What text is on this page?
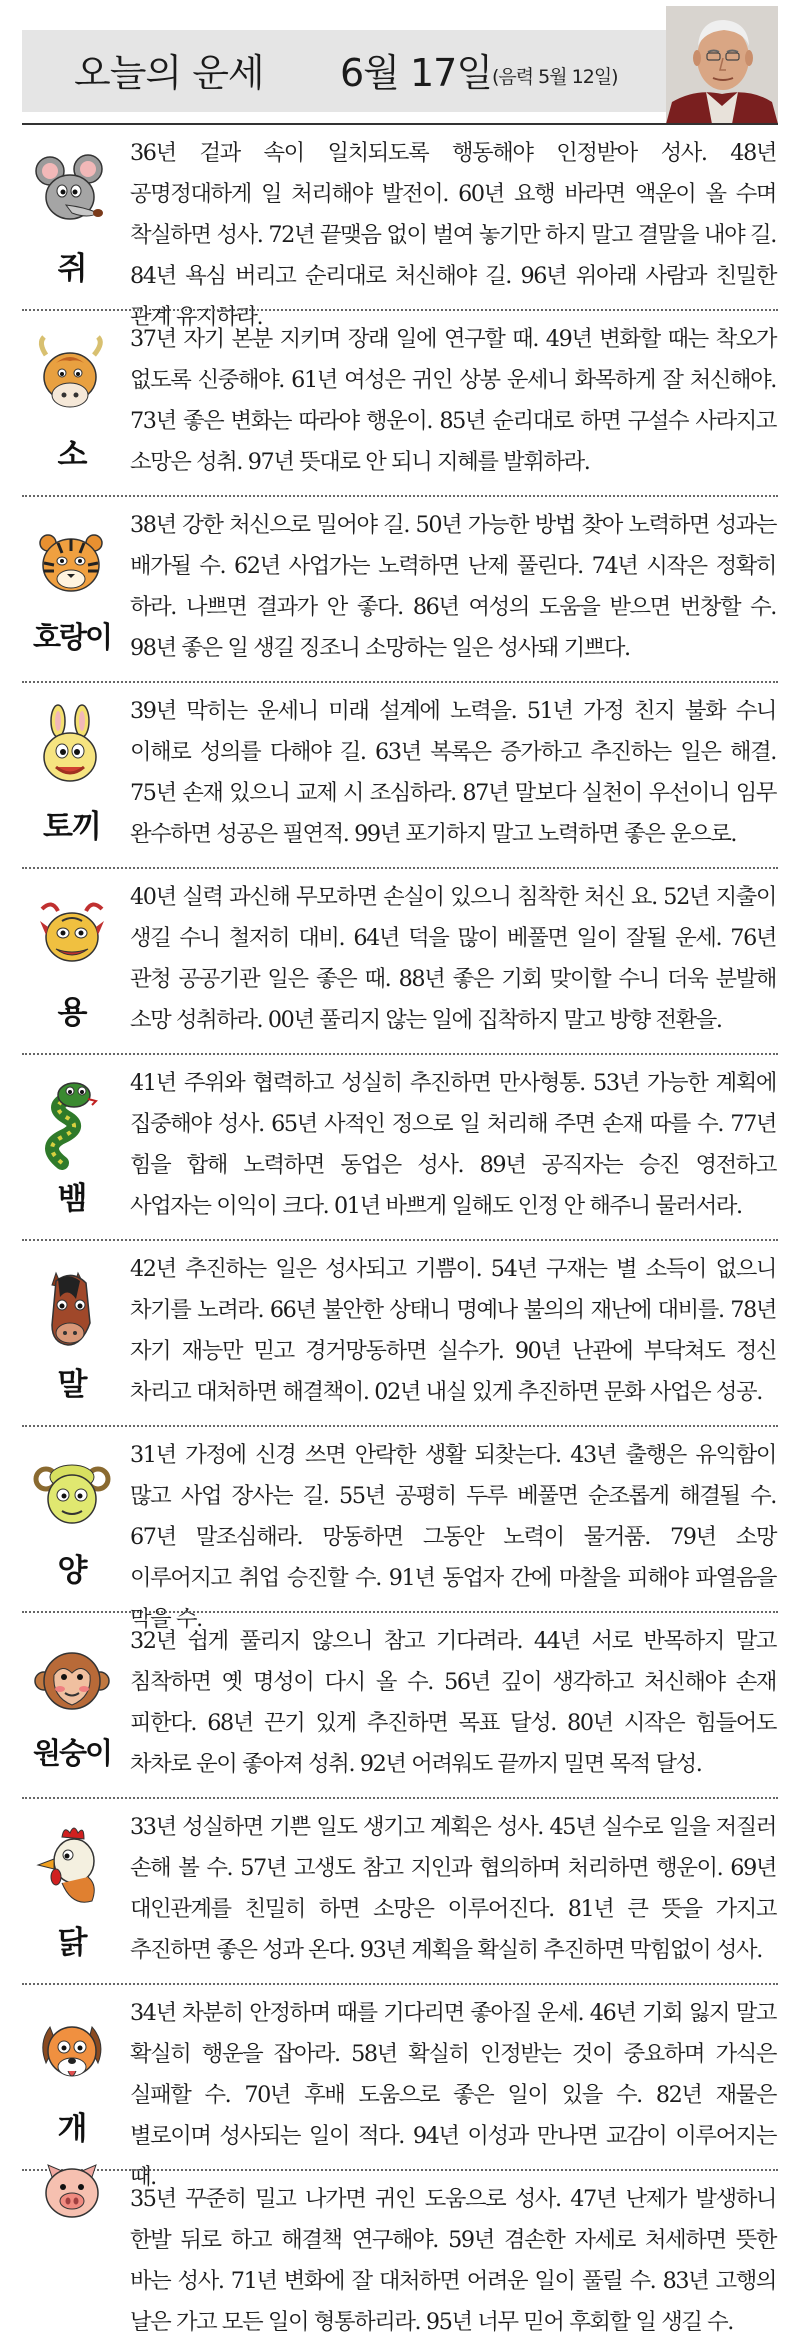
오늘의 운세 6월 17일 (음력 5월 12일)
쥐
36년 겉과 속이 일치되도록 행동해야 인정받아 성사. 48년 공명정대하게 일 처리해야 발전이. 60년 요행 바라면 액운이 올 수며 착실하면 성사. 72년 끝맺음 없이 벌여 놓기만 하지 말고 결말을 내야 길. 84년 욕심 버리고 순리대로 처신해야 길. 96년 위아래 사람과 친밀한 관계 유지하라.
소
37년 자기 본분 지키며 장래 일에 연구할 때. 49년 변화할 때는 착오가 없도록 신중해야. 61년 여성은 귀인 상봉 운세니 화목하게 잘 처신해야. 73년 좋은 변화는 따라야 행운이. 85년 순리대로 하면 구설수 사라지고 소망은 성취. 97년 뜻대로 안 되니 지혜를 발휘하라.
호랑이
38년 강한 처신으로 밀어야 길. 50년 가능한 방법 찾아 노력하면 성과는 배가될 수. 62년 사업가는 노력하면 난제 풀린다. 74년 시작은 정확히 하라. 나쁘면 결과가 안 좋다. 86년 여성의 도움을 받으면 번창할 수. 98년 좋은 일 생길 징조니 소망하는 일은 성사돼 기쁘다.
토끼
39년 막히는 운세니 미래 설계에 노력을. 51년 가정 친지 불화 수니 이해로 성의를 다해야 길. 63년 복록은 증가하고 추진하는 일은 해결. 75년 손재 있으니 교제 시 조심하라. 87년 말보다 실천이 우선이니 임무 완수하면 성공은 필연적. 99년 포기하지 말고 노력하면 좋은 운으로.
용
40년 실력 과신해 무모하면 손실이 있으니 침착한 처신 요. 52년 지출이 생길 수니 철저히 대비. 64년 덕을 많이 베풀면 일이 잘될 운세. 76년 관청 공공기관 일은 좋은 때. 88년 좋은 기회 맞이할 수니 더욱 분발해 소망 성취하라. 00년 풀리지 않는 일에 집착하지 말고 방향 전환을.
뱀
41년 주위와 협력하고 성실히 추진하면 만사형통. 53년 가능한 계획에 집중해야 성사. 65년 사적인 정으로 일 처리해 주면 손재 따를 수. 77년 힘을 합해 노력하면 동업은 성사. 89년 공직자는 승진 영전하고 사업자는 이익이 크다. 01년 바쁘게 일해도 인정 안 해주니 물러서라.
말
42년 추진하는 일은 성사되고 기쁨이. 54년 구재는 별 소득이 없으니 차기를 노려라. 66년 불안한 상태니 명예나 불의의 재난에 대비를. 78년 자기 재능만 믿고 경거망동하면 실수가. 90년 난관에 부닥쳐도 정신 차리고 대처하면 해결책이. 02년 내실 있게 추진하면 문화 사업은 성공.
양
31년 가정에 신경 쓰면 안락한 생활 되찾는다. 43년 출행은 유익함이 많고 사업 장사는 길. 55년 공평히 두루 베풀면 순조롭게 해결될 수. 67년 말조심해라. 망동하면 그동안 노력이 물거품. 79년 소망 이루어지고 취업 승진할 수. 91년 동업자 간에 마찰을 피해야 파열음을 막을 수.
원숭이
32년 쉽게 풀리지 않으니 참고 기다려라. 44년 서로 반목하지 말고 침착하면 옛 명성이 다시 올 수. 56년 깊이 생각하고 처신해야 손재 피한다. 68년 끈기 있게 추진하면 목표 달성. 80년 시작은 힘들어도 차차로 운이 좋아져 성취. 92년 어려워도 끝까지 밀면 목적 달성.
닭
33년 성실하면 기쁜 일도 생기고 계획은 성사. 45년 실수로 일을 저질러 손해 볼 수. 57년 고생도 참고 지인과 협의하며 처리하면 행운이. 69년 대인관계를 친밀히 하면 소망은 이루어진다. 81년 큰 뜻을 가지고 추진하면 좋은 성과 온다. 93년 계획을 확실히 추진하면 막힘없이 성사.
개
34년 차분히 안정하며 때를 기다리면 좋아질 운세. 46년 기회 잃지 말고 확실히 행운을 잡아라. 58년 확실히 인정받는 것이 중요하며 가식은 실패할 수. 70년 후배 도움으로 좋은 일이 있을 수. 82년 재물은 별로이며 성사되는 일이 적다. 94년 이성과 만나면 교감이 이루어지는 때.
35년 꾸준히 밀고 나가면 귀인 도움으로 성사. 47년 난제가 발생하니 한발 뒤로 하고 해결책 연구해야. 59년 겸손한 자세로 처세하면 뜻한 바는 성사. 71년 변화에 잘 대처하면 어려운 일이 풀릴 수. 83년 고행의 날은 가고 모든 일이 형통하리라. 95년 너무 믿어 후회할 일 생길 수.
